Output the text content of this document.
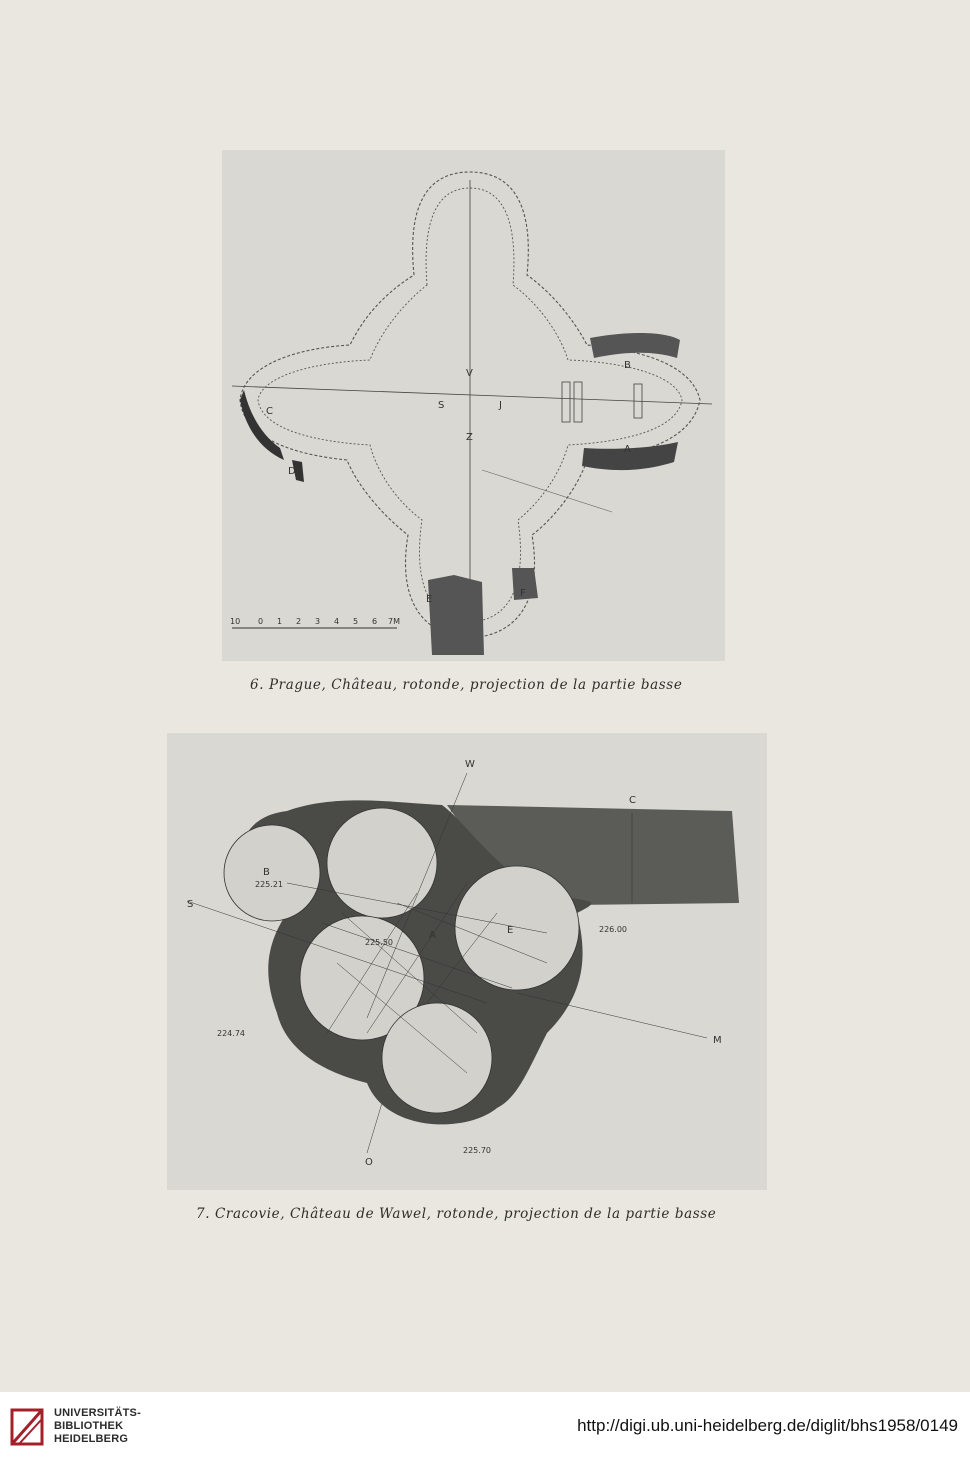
V
S	J
Z
B
A
C
D
E
F
10 0 1 2 3 4 5 6 7M
6. Prague, Château, rotonde, projection de la partie basse
W
C
S
M
O
B
A	E
225.21
225.50
226.00
224.74
225.70
7. Cracovie, Château de Wawel, rotonde, projection de la partie basse
UNIVERSITÄTS-
BIBLIOTHEK
HEIDELBERG
http://digi.ub.uni-heidelberg.de/diglit/bhs1958/0149
